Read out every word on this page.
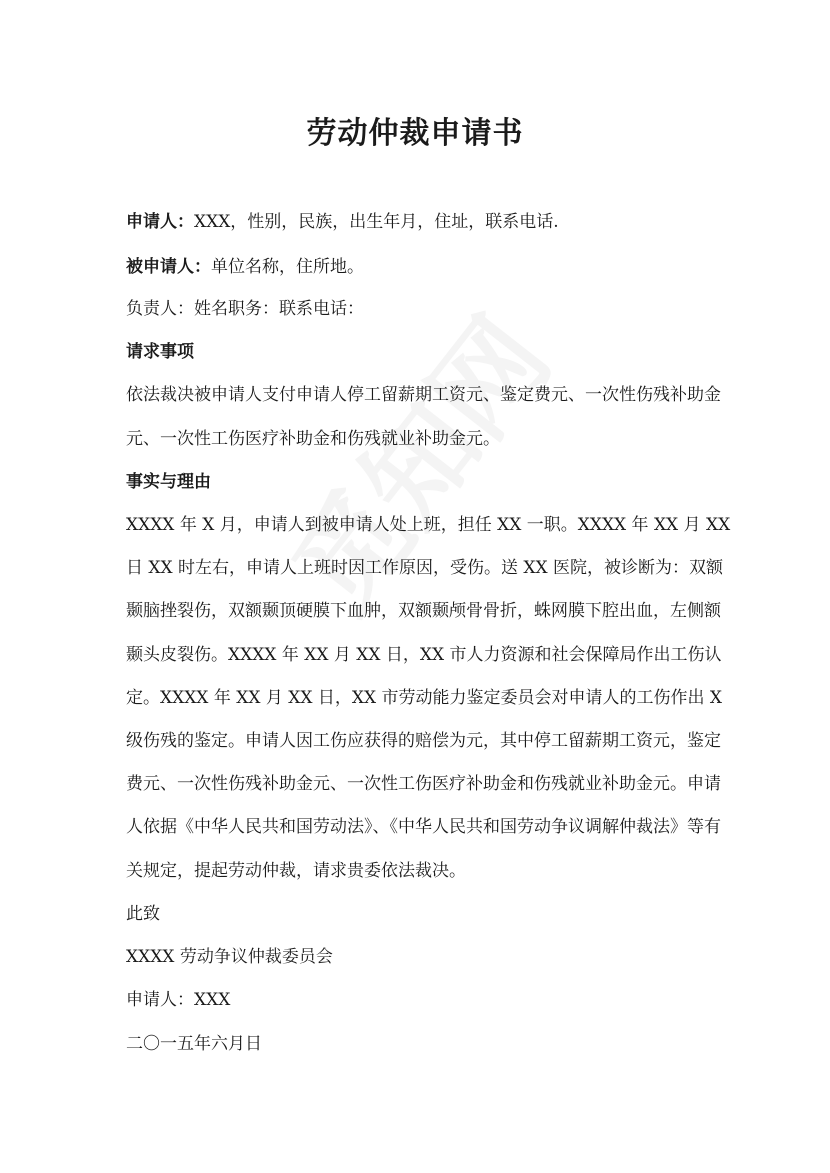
劳动仲裁申请书
申请人：XXX，性别，民族，出生年月，住址，联系电话.
被申请人：单位名称，住所地。
负责人：姓名职务：联系电话：
请求事项
依法裁决被申请人支付申请人停工留薪期工资元、鉴定费元、一次性伤残补助金
元、一次性工伤医疗补助金和伤残就业补助金元。
事实与理由
XXXX 年 X 月，申请人到被申请人处上班，担任 XX 一职。XXXX 年 XX 月 XX
日 XX 时左右，申请人上班时因工作原因，受伤。送 XX 医院，被诊断为：双额
颞脑挫裂伤，双额颞顶硬膜下血肿，双额颞颅骨骨折，蛛网膜下腔出血，左侧额
颞头皮裂伤。XXXX 年 XX 月 XX 日，XX 市人力资源和社会保障局作出工伤认
定。XXXX 年 XX 月 XX 日，XX 市劳动能力鉴定委员会对申请人的工伤作出 X
级伤残的鉴定。申请人因工伤应获得的赔偿为元，其中停工留薪期工资元，鉴定
费元、一次性伤残补助金元、一次性工伤医疗补助金和伤残就业补助金元。申请
人依据《中华人民共和国劳动法》、《中华人民共和国劳动争议调解仲裁法》等有
关规定，提起劳动仲裁，请求贵委依法裁决。
此致
XXXX 劳动争议仲裁委员会
申请人：XXX
二〇一五年六月日
